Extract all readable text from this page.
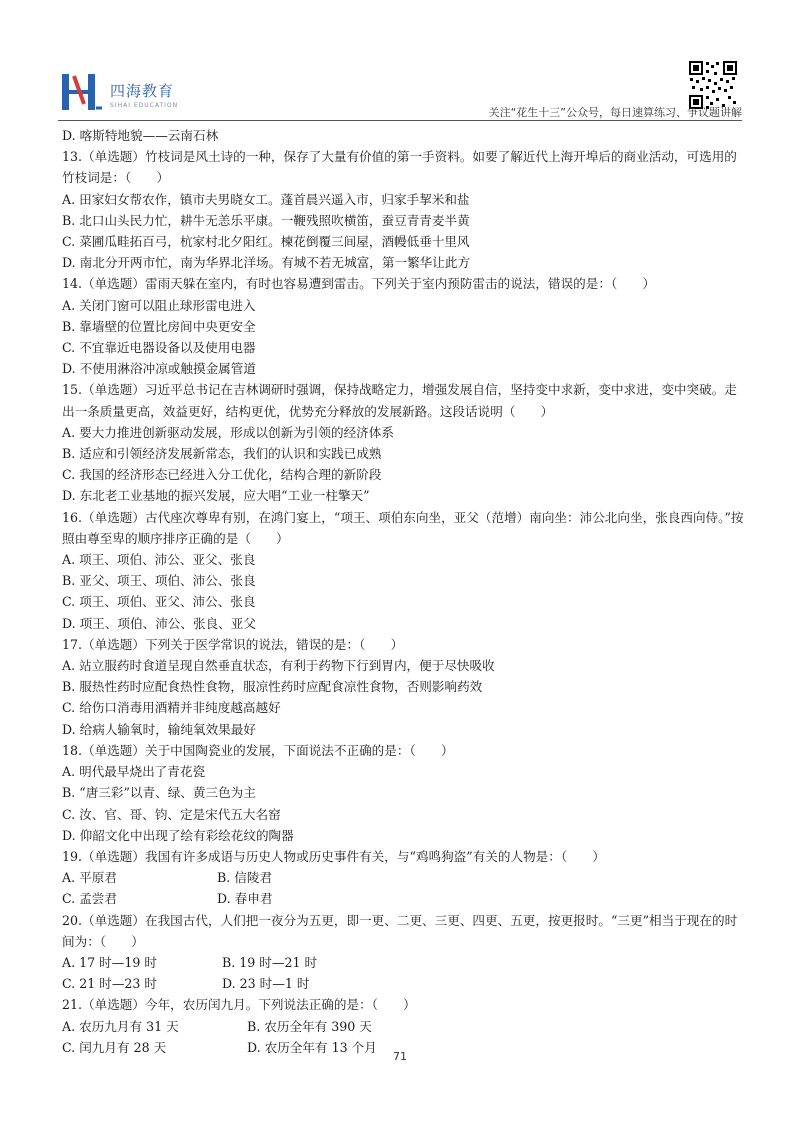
四海教育
SIHAI EDUCATION
关注“花生十三”公众号，每日速算练习、争议题讲解
D. 喀斯特地貌——云南石林
13.（单选题）竹枝词是风土诗的一种，保存了大量有价值的第一手资料。如要了解近代上海开埠后的商业活动，可选用的竹枝词是：（　　）
A. 田家妇女帮农作，镇市夫男晓女工。蓬首晨兴遥入市，归家手挈米和盐
B. 北口山头民力忙，耕牛无恙乐平康。一鞭残照吹横笛，蚕豆青青麦半黄
C. 菜圃瓜畦拓百弓，杭家村北夕阳红。楝花倒覆三间屋，酒幔低垂十里风
D. 南北分开两市忙，南为华界北洋场。有城不若无城富，第一繁华让此方
14.（单选题）雷雨天躲在室内，有时也容易遭到雷击。下列关于室内预防雷击的说法，错误的是：（　　）
A. 关闭门窗可以阻止球形雷电进入
B. 靠墙壁的位置比房间中央更安全
C. 不宜靠近电器设备以及使用电器
D. 不使用淋浴冲凉或触摸金属管道
15.（单选题）习近平总书记在吉林调研时强调，保持战略定力，增强发展自信，坚持变中求新，变中求进，变中突破。走出一条质量更高，效益更好，结构更优，优势充分释放的发展新路。这段话说明（　　）
A. 要大力推进创新驱动发展，形成以创新为引领的经济体系
B. 适应和引领经济发展新常态，我们的认识和实践已成熟
C. 我国的经济形态已经进入分工优化，结构合理的新阶段
D. 东北老工业基地的振兴发展，应大唱“工业一柱擎天”
16.（单选题）古代座次尊卑有别，在鸿门宴上，“项王、项伯东向坐，亚父（范增）南向坐：沛公北向坐，张良西向侍。”按照由尊至卑的顺序排序正确的是（　　）
A. 项王、项伯、沛公、亚父、张良
B. 亚父、项王、项伯、沛公、张良
C. 项王、项伯、亚父、沛公、张良
D. 项王、项伯、沛公、张良、亚父
17.（单选题）下列关于医学常识的说法，错误的是：（　　）
A. 站立服药时食道呈现自然垂直状态，有利于药物下行到胃内，便于尽快吸收
B. 服热性药时应配食热性食物，服凉性药时应配食凉性食物，否则影响药效
C. 给伤口消毒用酒精并非纯度越高越好
D. 给病人输氧时，输纯氧效果最好
18.（单选题）关于中国陶瓷业的发展，下面说法不正确的是：（　　）
A. 明代最早烧出了青花瓷
B. “唐三彩”以青、绿、黄三色为主
C. 汝、官、哥、钧、定是宋代五大名窑
D. 仰韶文化中出现了绘有彩绘花纹的陶器
19.（单选题）我国有许多成语与历史人物或历史事件有关，与“鸡鸣狗盗”有关的人物是：（　　）
A. 平原君	B. 信陵君
C. 孟尝君	D. 春申君
20.（单选题）在我国古代，人们把一夜分为五更，即一更、二更、三更、四更、五更，按更报时。“三更”相当于现在的时间为：（　　）
A. 17 时—19 时	B. 19 时—21 时
C. 21 时—23 时	D. 23 时—1 时
21.（单选题）今年，农历闰九月。下列说法正确的是：（　　）
A. 农历九月有 31 天	B. 农历全年有 390 天
C. 闰九月有 28 天	D. 农历全年有 13 个月
71
